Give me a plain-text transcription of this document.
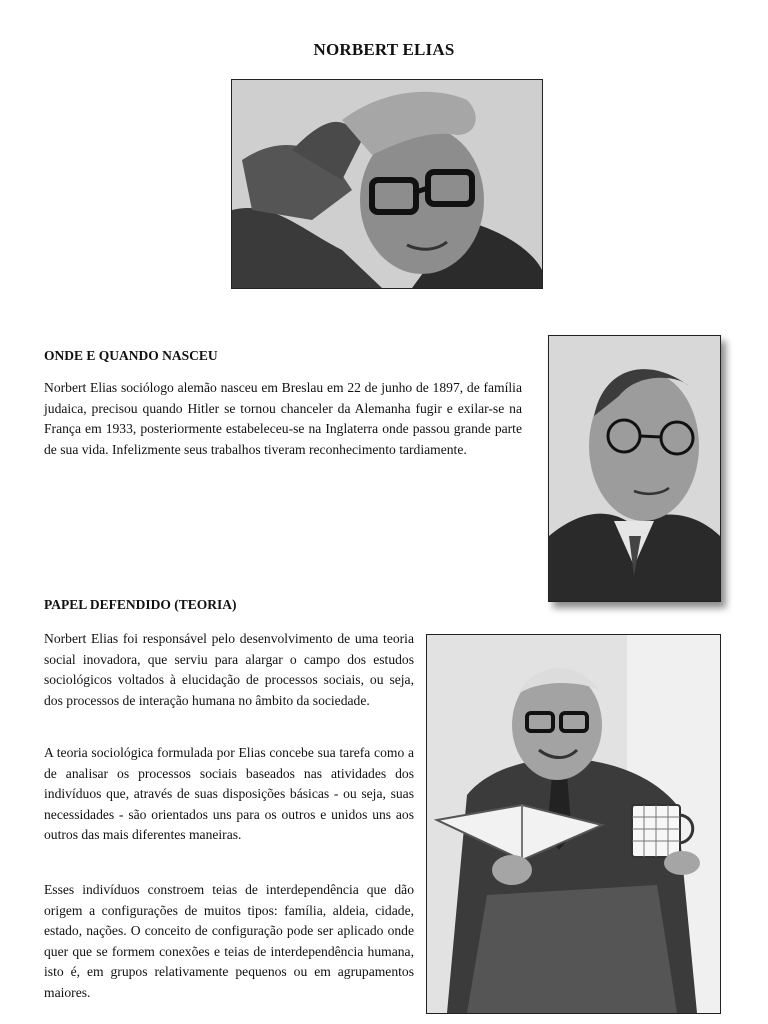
NORBERT ELIAS
ONDE E QUANDO NASCEU

Norbert Elias sociólogo alemão nasceu em Breslau em 22 de junho de 1897, de família judaica, precisou quando Hitler se tornou chanceler da Alemanha fugir e exilar-se na França em 1933, posteriormente estabeleceu-se na Inglaterra onde passou grande parte de sua vida. Infelizmente seus trabalhos tiveram reconhecimento tardiamente.

PAPEL DEFENDIDO (TEORIA)

Norbert Elias foi responsável pelo desenvolvimento de uma teoria social inovadora, que serviu para alargar o campo dos estudos sociológicos voltados à elucidação de processos sociais, ou seja, dos processos de interação humana no âmbito da sociedade.

A teoria sociológica formulada por Elias concebe sua tarefa como a de analisar os processos sociais baseados nas atividades dos indivíduos que, através de suas disposições básicas - ou seja, suas necessidades - são orientados uns para os outros e unidos uns aos outros das mais diferentes maneiras.

Esses indivíduos constroem teias de interdependência que dão origem a configurações de muitos tipos: família, aldeia, cidade, estado, nações. O conceito de configuração pode ser aplicado onde quer que se formem conexões e teias de interdependência humana, isto é, em grupos relativamente pequenos ou em agrupamentos maiores.
